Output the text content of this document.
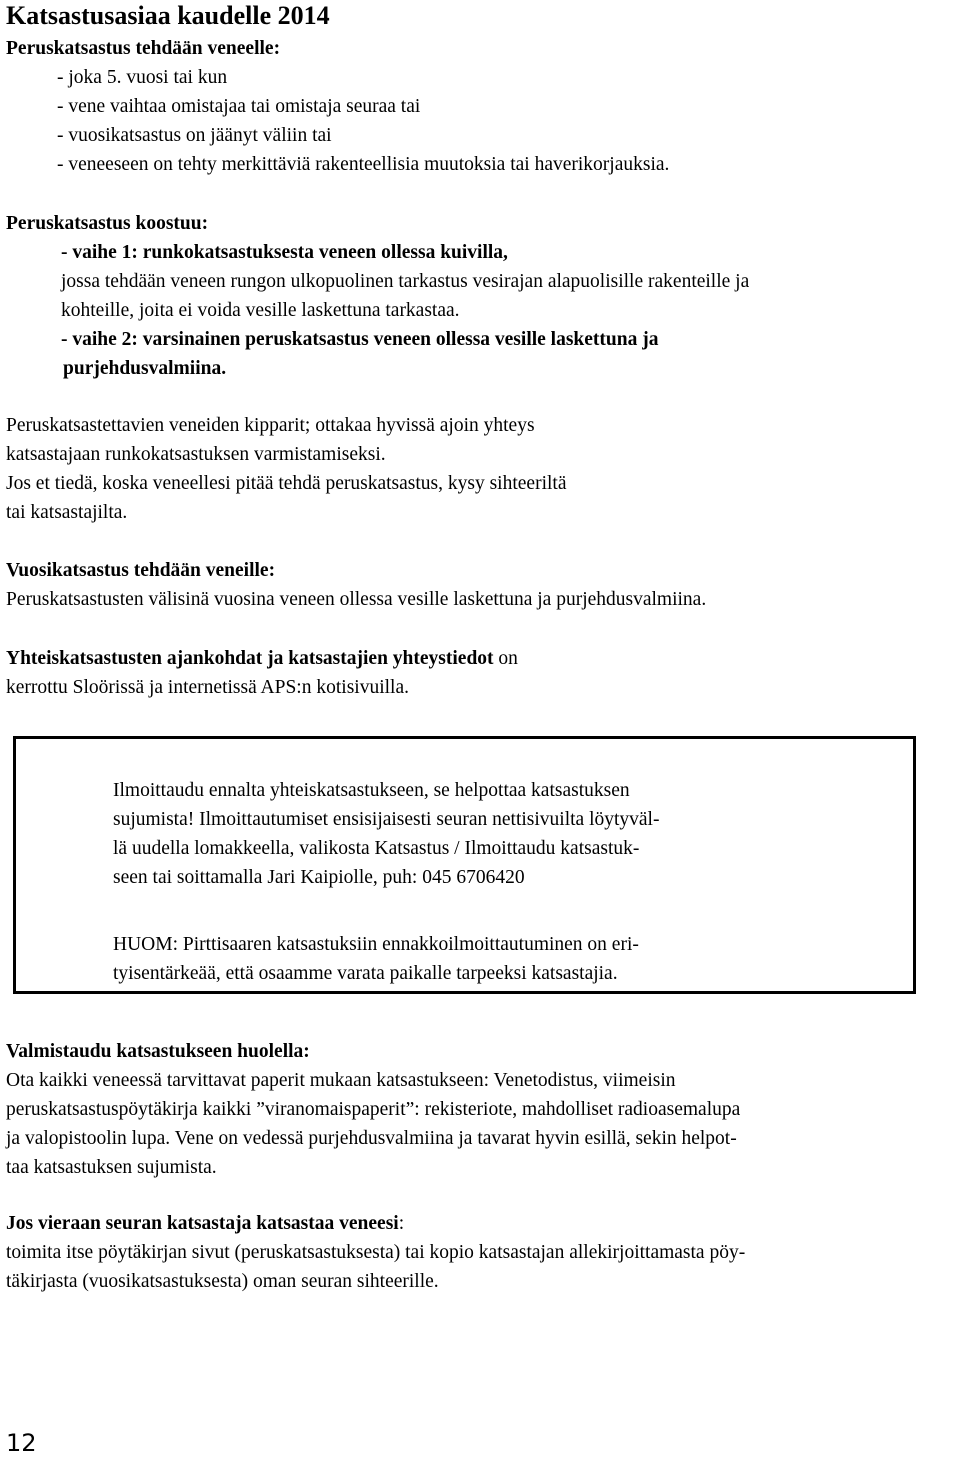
Katsastusasiaa kaudelle 2014
Peruskatsastus tehdään veneelle:
- joka 5. vuosi tai kun
- vene vaihtaa omistajaa tai omistaja seuraa tai
- vuosikatsastus on jäänyt väliin tai
- veneeseen on tehty merkittäviä rakenteellisia muutoksia tai haverikorjauksia.
Peruskatsastus koostuu:
- vaihe 1: runkokatsastuksesta veneen ollessa kuivilla,
jossa tehdään veneen rungon ulkopuolinen tarkastus vesirajan alapuolisille rakenteille ja
kohteille, joita ei voida vesille laskettuna tarkastaa.
- vaihe 2: varsinainen peruskatsastus veneen ollessa vesille laskettuna ja
purjehdusvalmiina.
Peruskatsastettavien veneiden kipparit; ottakaa hyvissä ajoin yhteys
katsastajaan runkokatsastuksen varmistamiseksi.
Jos et tiedä, koska veneellesi pitää tehdä peruskatsastus, kysy sihteeriltä
tai katsastajilta.
Vuosikatsastus tehdään veneille:
Peruskatsastusten välisinä vuosina veneen ollessa vesille laskettuna ja purjehdusvalmiina.
Yhteiskatsastusten ajankohdat ja katsastajien yhteystiedot on
kerrottu Sloörissä ja internetissä APS:n kotisivuilla.
Ilmoittaudu ennalta yhteiskatsastukseen, se helpottaa katsastuksen
sujumista! Ilmoittautumiset ensisijaisesti seuran nettisivuilta löytyväl-
lä uudella lomakkeella, valikosta Katsastus / Ilmoittaudu katsastuk-
seen tai soittamalla Jari Kaipiolle, puh: 045 6706420
HUOM: Pirttisaaren katsastuksiin ennakkoilmoittautuminen on eri-
tyisentärkeää, että osaamme varata paikalle tarpeeksi katsastajia.
Valmistaudu katsastukseen huolella:
Ota kaikki veneessä tarvittavat paperit mukaan katsastukseen: Venetodistus, viimeisin
peruskatsastuspöytäkirja kaikki ”viranomaispaperit”: rekisteriote, mahdolliset radioasemalupa
ja valopistoolin lupa. Vene on vedessä purjehdusvalmiina ja tavarat hyvin esillä, sekin helpot-
taa katsastuksen sujumista.
Jos vieraan seuran katsastaja katsastaa veneesi:
toimita itse pöytäkirjan sivut (peruskatsastuksesta) tai kopio katsastajan allekirjoittamasta pöy-
täkirjasta (vuosikatsastuksesta) oman seuran sihteerille.
12
